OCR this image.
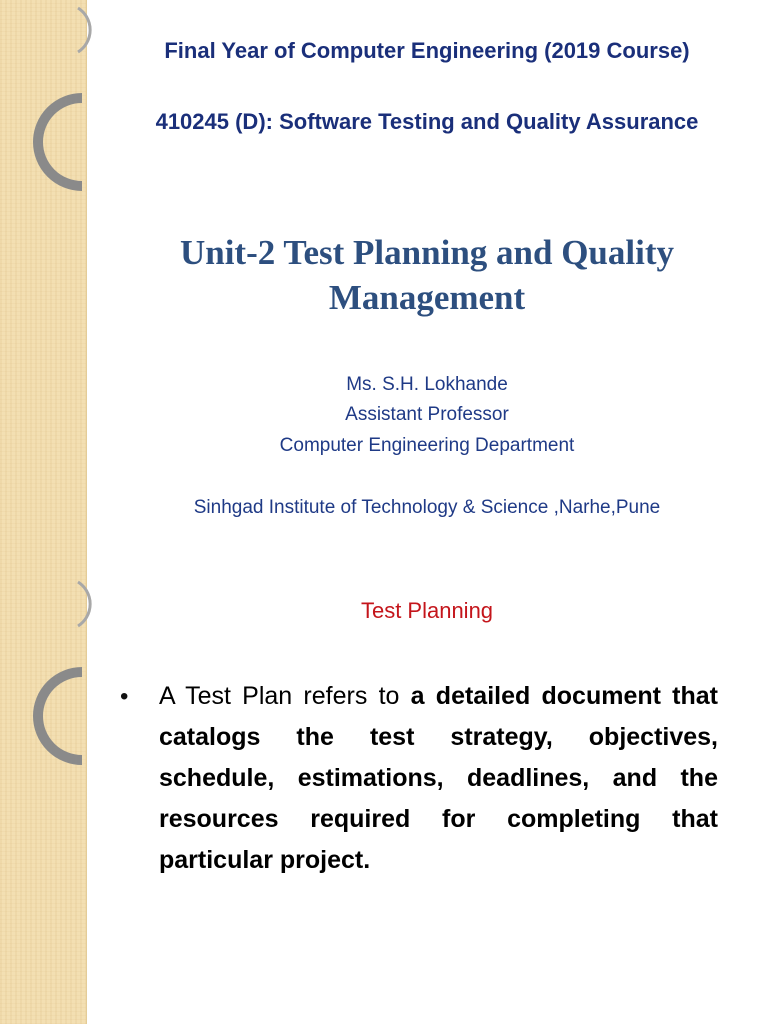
Final Year of Computer Engineering (2019 Course)

410245 (D): Software Testing and Quality Assurance

Unit-2 Test Planning and Quality Management

Ms. S.H. Lokhande

Assistant Professor

Computer Engineering Department

Sinhgad Institute of Technology & Science ,Narhe,Pune

Test Planning

• A Test Plan refers to a detailed document that catalogs the test strategy, objectives, schedule, estimations, deadlines, and the resources required for completing that particular project.
